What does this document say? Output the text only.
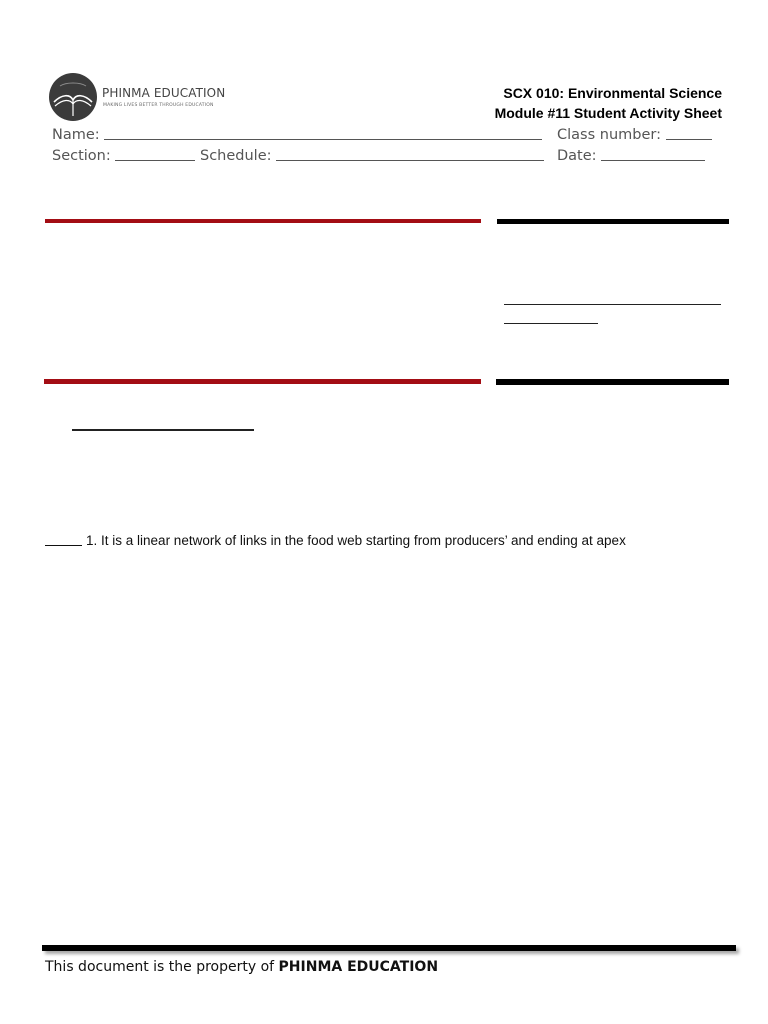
PHINMA EDUCATION
MAKING LIVES BETTER THROUGH EDUCATION
SCX 010: Environmental Science
Module #11 Student Activity Sheet
Name:	Class number:
Section:	Schedule:	Date:
1. It is a linear network of links in the food web starting from producers’ and ending at apex
This document is the property of PHINMA EDUCATION
